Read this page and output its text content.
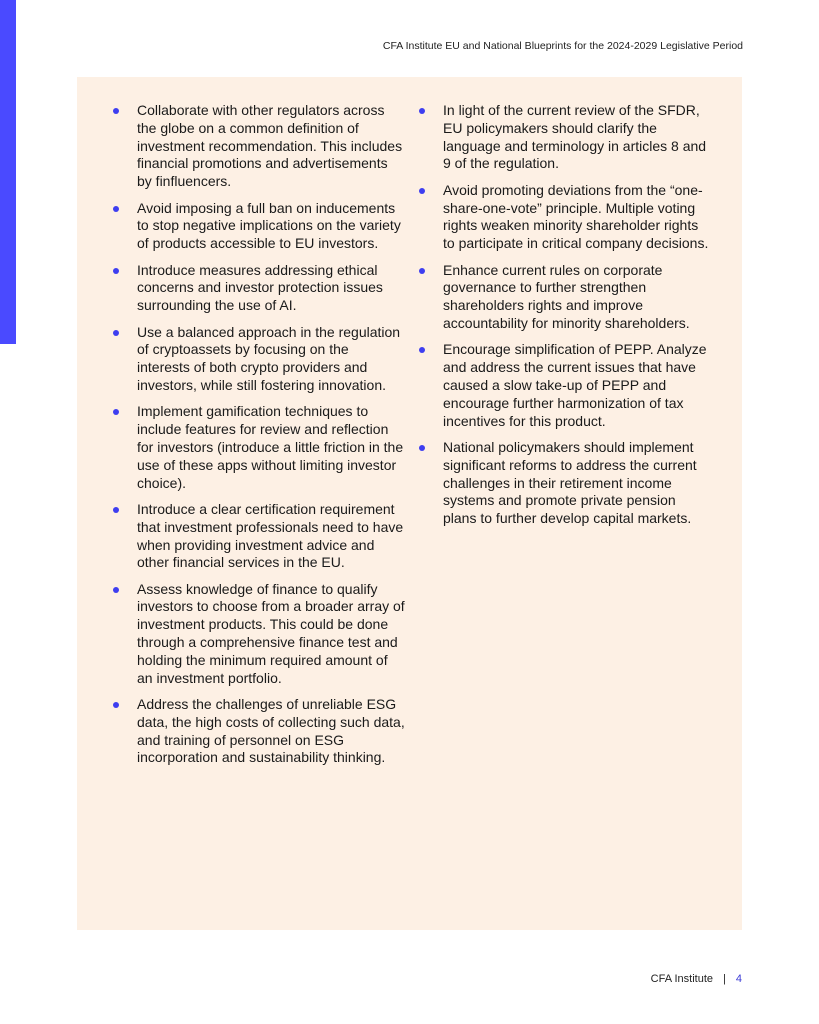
CFA Institute EU and National Blueprints for the 2024-2029 Legislative Period
Collaborate with other regulators across the globe on a common definition of investment recommendation. This includes financial promotions and advertisements by finfluencers.
Avoid imposing a full ban on inducements to stop negative implications on the variety of products accessible to EU investors.
Introduce measures addressing ethical concerns and investor protection issues surrounding the use of AI.
Use a balanced approach in the regulation of cryptoassets by focusing on the interests of both crypto providers and investors, while still fostering innovation.
Implement gamification techniques to include features for review and reflection for investors (introduce a little friction in the use of these apps without limiting investor choice).
Introduce a clear certification requirement that investment professionals need to have when providing investment advice and other financial services in the EU.
Assess knowledge of finance to qualify investors to choose from a broader array of investment products. This could be done through a comprehensive finance test and holding the minimum required amount of an investment portfolio.
Address the challenges of unreliable ESG data, the high costs of collecting such data, and training of personnel on ESG incorporation and sustainability thinking.
In light of the current review of the SFDR, EU policymakers should clarify the language and terminology in articles 8 and 9 of the regulation.
Avoid promoting deviations from the “one-share-one-vote” principle. Multiple voting rights weaken minority shareholder rights to participate in critical company decisions.
Enhance current rules on corporate governance to further strengthen shareholders rights and improve accountability for minority shareholders.
Encourage simplification of PEPP. Analyze and address the current issues that have caused a slow take-up of PEPP and encourage further harmonization of tax incentives for this product.
National policymakers should implement significant reforms to address the current challenges in their retirement income systems and promote private pension plans to further develop capital markets.
CFA Institute | 4
